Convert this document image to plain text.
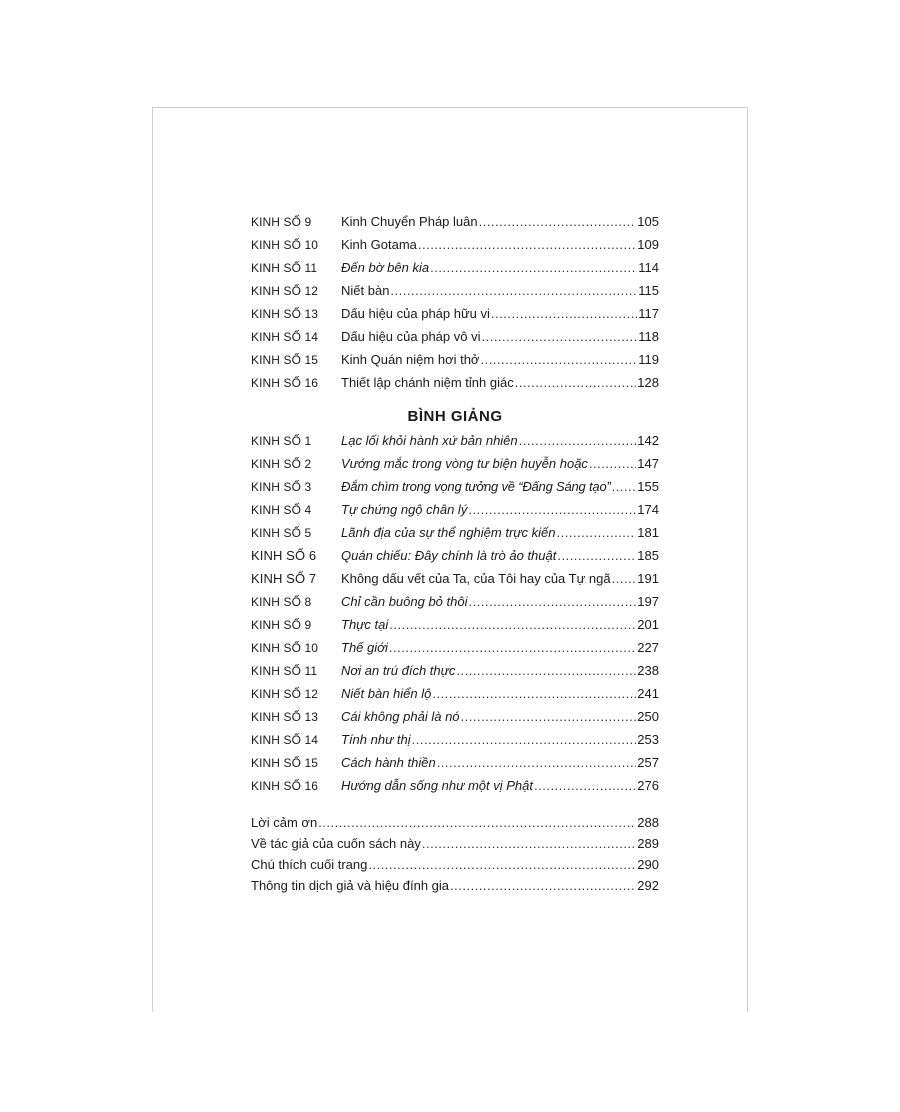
KINH SỐ 9	Kinh Chuyển Pháp luân .....	105
KINH SỐ 10	Kinh Gotama .....	109
KINH SỐ 11	Đến bờ bên kia .....	114
KINH SỐ 12	Niết bàn .....	115
KINH SỐ 13	Dấu hiệu của pháp hữu vi .....	117
KINH SỐ 14	Dấu hiệu của pháp vô vi .....	118
KINH SỐ 15	Kinh Quán niệm hơi thở .....	119
KINH SỐ 16	Thiết lập chánh niệm tỉnh giác .....	128
BÌNH GIẢNG
KINH SỐ 1	Lạc lối khỏi hành xứ bản nhiên .....	142
KINH SỐ 2	Vướng mắc trong vòng tư biện huyễn hoặc .....	147
KINH SỐ 3	Đắm chìm trong vọng tưởng về “Đấng Sáng tạo” ..... 155
KINH SỐ 4	Tự chứng ngộ chân lý .....	174
KINH SỐ 5	Lãnh địa của sự thể nghiệm trực kiến .....	181
KINH SỐ 6	Quán chiếu: Đây chính là trò ảo thuật .....	185
KINH SỐ 7	Không dấu vết của Ta, của Tôi hay của Tự ngã ..... 191
KINH SỐ 8	Chỉ cần buông bỏ thôi .....	197
KINH SỐ 9	Thực tại .....	201
KINH SỐ 10	Thế giới .....	227
KINH SỐ 11	Nơi an trú đích thực .....	238
KINH SỐ 12	Niết bàn hiển lộ .....	241
KINH SỐ 13	Cái không phải là nó .....	250
KINH SỐ 14	Tính như thị .....	253
KINH SỐ 15	Cách hành thiền .....	257
KINH SỐ 16	Hướng dẫn sống như một vị Phật .....	276
Lời cảm ơn .....	288
Về tác giả của cuốn sách này .....	289
Chú thích cuối trang .....	290
Thông tin dịch giả và hiệu đính gia .....	292
